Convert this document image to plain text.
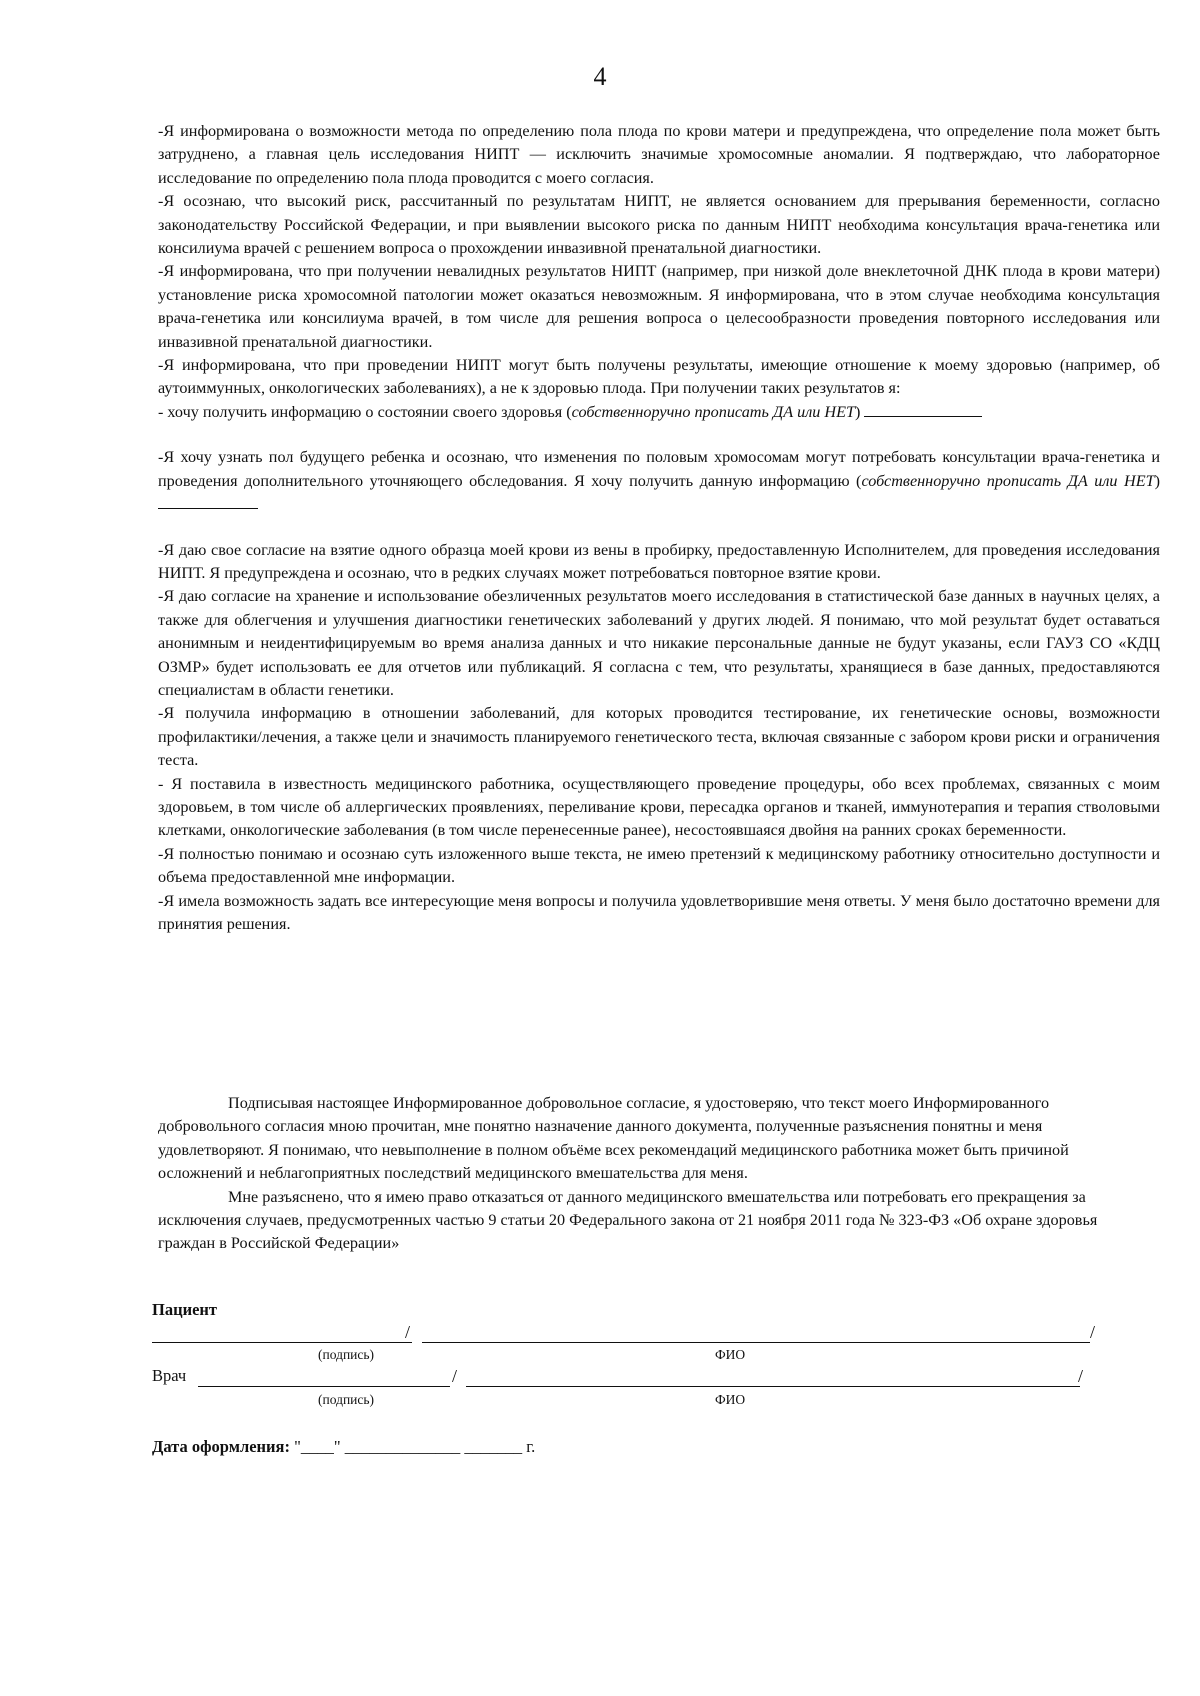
4

-Я информирована о возможности метода по определению пола плода по крови матери и предупреждена, что определение пола может быть затруднено, а главная цель исследования НИПТ — исключить значимые хромосомные аномалии. Я подтверждаю, что лабораторное исследование по определению пола плода проводится с моего согласия.

-Я осознаю, что высокий риск, рассчитанный по результатам НИПТ, не является основанием для прерывания беременности, согласно законодательству Российской Федерации, и при выявлении высокого риска по данным НИПТ необходима консультация врача-генетика или консилиума врачей с решением вопроса о прохождении инвазивной пренатальной диагностики.

-Я информирована, что при получении невалидных результатов НИПТ (например, при низкой доле внеклеточной ДНК плода в крови матери) установление риска хромосомной патологии может оказаться невозможным. Я информирована, что в этом случае необходима консультация врача-генетика или консилиума врачей, в том числе для решения вопроса о целесообразности проведения повторного исследования или инвазивной пренатальной диагностики.

-Я информирована, что при проведении НИПТ могут быть получены результаты, имеющие отношение к моему здоровью (например, об аутоиммунных, онкологических заболеваниях), а не к здоровью плода. При получении таких результатов я:

- хочу получить информацию о состоянии своего здоровья (собственноручно прописать ДА или НЕТ)

-Я хочу узнать пол будущего ребенка и осознаю, что изменения по половым хромосомам могут потребовать консультации врача-генетика и проведения дополнительного уточняющего обследования. Я хочу получить данную информацию (собственноручно прописать ДА или НЕТ)

-Я даю свое согласие на взятие одного образца моей крови из вены в пробирку, предоставленную Исполнителем, для проведения исследования НИПТ. Я предупреждена и осознаю, что в редких случаях может потребоваться повторное взятие крови.

-Я даю согласие на хранение и использование обезличенных результатов моего исследования в статистической базе данных в научных целях, а также для облегчения и улучшения диагностики генетических заболеваний у других людей. Я понимаю, что мой результат будет оставаться анонимным и неидентифицируемым во время анализа данных и что никакие персональные данные не будут указаны, если ГАУЗ СО «КДЦ ОЗМР» будет использовать ее для отчетов или публикаций. Я согласна с тем, что результаты, хранящиеся в базе данных, предоставляются специалистам в области генетики.

-Я получила информацию в отношении заболеваний, для которых проводится тестирование, их генетические основы, возможности профилактики/лечения, а также цели и значимость планируемого генетического теста, включая связанные с забором крови риски и ограничения теста.

- Я поставила в известность медицинского работника, осуществляющего проведение процедуры, обо всех проблемах, связанных с моим здоровьем, в том числе об аллергических проявлениях, переливание крови, пересадка органов и тканей, иммунотерапия и терапия стволовыми клетками, онкологические заболевания (в том числе перенесенные ранее), несостоявшаяся двойня на ранних сроках беременности.

-Я полностью понимаю и осознаю суть изложенного выше текста, не имею претензий к медицинскому работнику относительно доступности и объема предоставленной мне информации.

-Я имела возможность задать все интересующие меня вопросы и получила удовлетворившие меня ответы. У меня было достаточно времени для принятия решения.

Подписывая настоящее Информированное добровольное согласие, я удостоверяю, что текст моего Информированного добровольного согласия мною прочитан, мне понятно назначение данного документа, полученные разъяснения понятны и меня удовлетворяют. Я понимаю, что невыполнение в полном объёме всех рекомендаций медицинского работника может быть причиной осложнений и неблагоприятных последствий медицинского вмешательства для меня.

Мне разъяснено, что я имею право отказаться от данного медицинского вмешательства или потребовать его прекращения за исключения случаев, предусмотренных частью 9 статьи 20 Федерального закона от 21 ноября 2011 года № 323-ФЗ «Об охране здоровья граждан в Российской Федерации»

Пациент
/	/
(подпись)	ФИО
Врач	/	/
(подпись)	ФИО
Дата оформления: "____" ______________ _______ г.
